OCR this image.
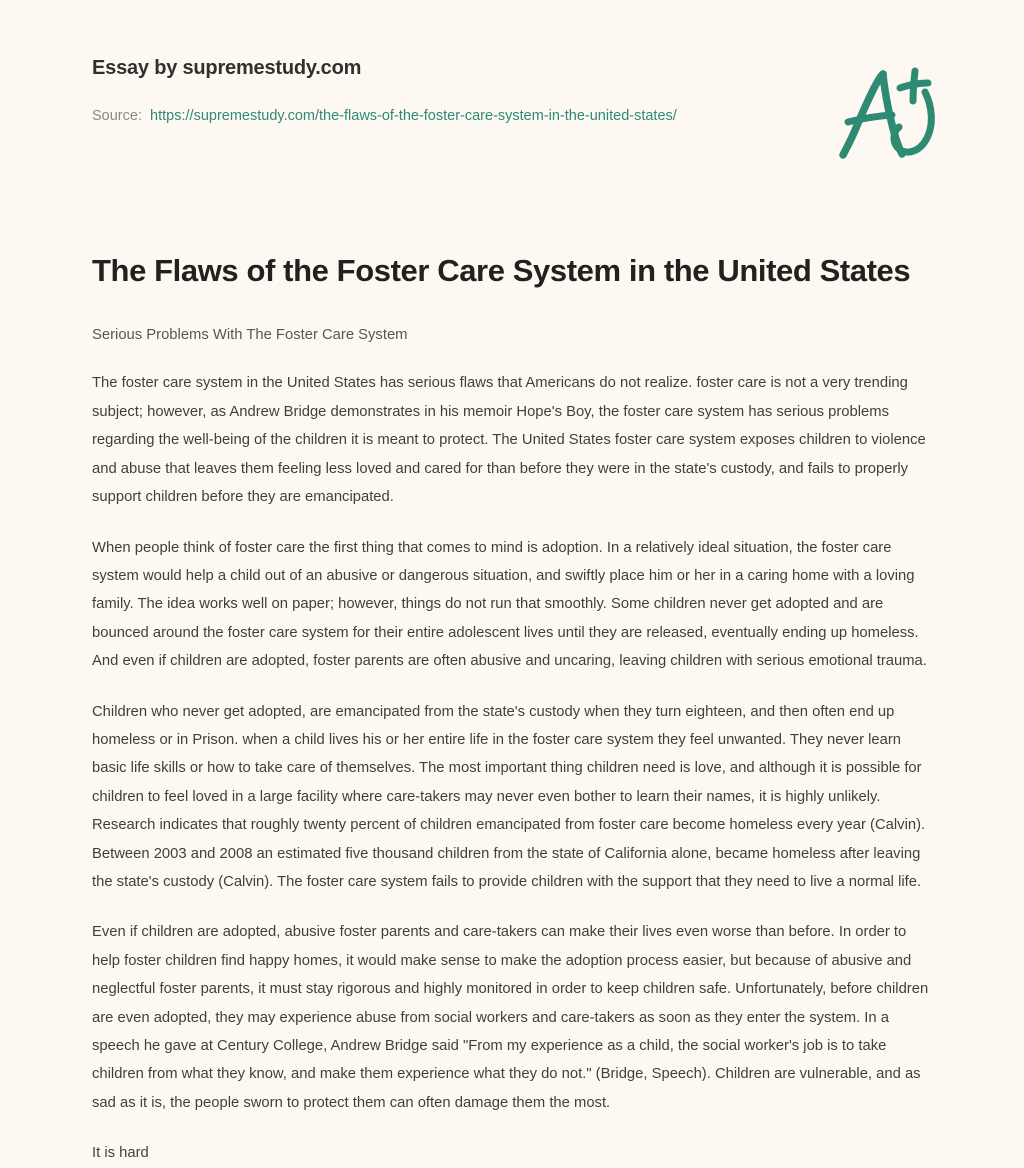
Essay by supremestudy.com
Source: https://supremestudy.com/the-flaws-of-the-foster-care-system-in-the-united-states/
The Flaws of the Foster Care System in the United States

Serious Problems With The Foster Care System

The foster care system in the United States has serious flaws that Americans do not realize. foster care is not a very trending subject; however, as Andrew Bridge demonstrates in his memoir Hope's Boy, the foster care system has serious problems regarding the well-being of the children it is meant to protect. The United States foster care system exposes children to violence and abuse that leaves them feeling less loved and cared for than before they were in the state's custody, and fails to properly support children before they are emancipated.

When people think of foster care the first thing that comes to mind is adoption. In a relatively ideal situation, the foster care system would help a child out of an abusive or dangerous situation, and swiftly place him or her in a caring home with a loving family. The idea works well on paper; however, things do not run that smoothly. Some children never get adopted and are bounced around the foster care system for their entire adolescent lives until they are released, eventually ending up homeless. And even if children are adopted, foster parents are often abusive and uncaring, leaving children with serious emotional trauma.

Children who never get adopted, are emancipated from the state's custody when they turn eighteen, and then often end up homeless or in Prison. when a child lives his or her entire life in the foster care system they feel unwanted. They never learn basic life skills or how to take care of themselves. The most important thing children need is love, and although it is possible for children to feel loved in a large facility where care-takers may never even bother to learn their names, it is highly unlikely. Research indicates that roughly twenty percent of children emancipated from foster care become homeless every year (Calvin). Between 2003 and 2008 an estimated five thousand children from the state of California alone, became homeless after leaving the state's custody (Calvin). The foster care system fails to provide children with the support that they need to live a normal life.

Even if children are adopted, abusive foster parents and care-takers can make their lives even worse than before. In order to help foster children find happy homes, it would make sense to make the adoption process easier, but because of abusive and neglectful foster parents, it must stay rigorous and highly monitored in order to keep children safe. Unfortunately, before children are even adopted, they may experience abuse from social workers and care-takers as soon as they enter the system. In a speech he gave at Century College, Andrew Bridge said "From my experience as a child, the social worker's job is to take children from what they know, and make them experience what they do not." (Bridge, Speech). Children are vulnerable, and as sad as it is, the people sworn to protect them can often damage them the most.

It is hard
